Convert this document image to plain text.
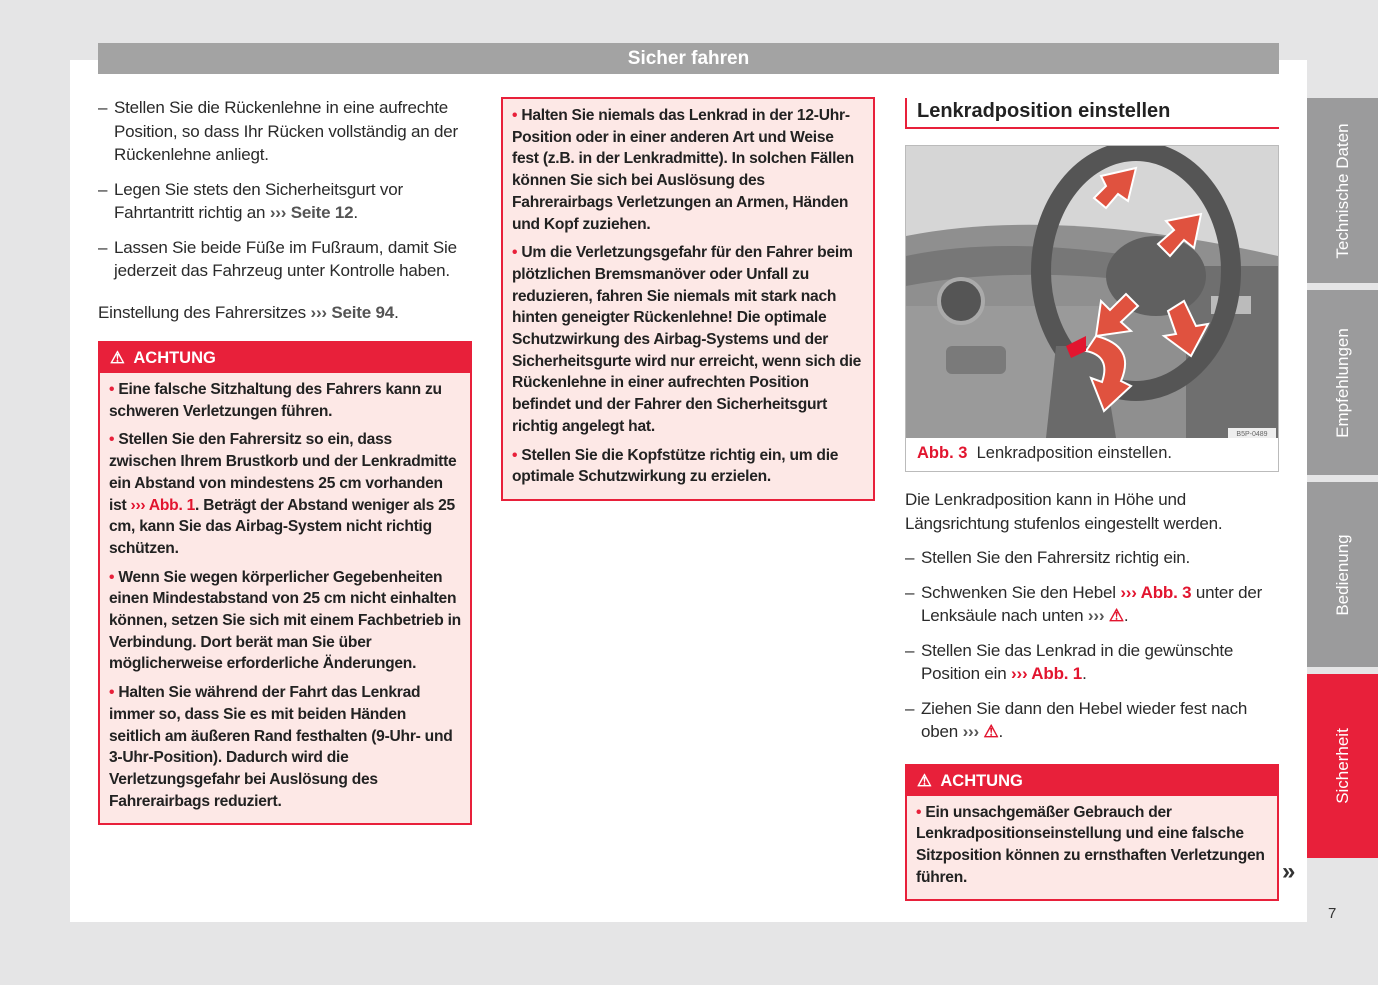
Sicher fahren
– Stellen Sie die Rückenlehne in eine aufrechte Position, so dass Ihr Rücken vollständig an der Rückenlehne anliegt.
– Legen Sie stets den Sicherheitsgurt vor Fahrtantritt richtig an ››› Seite 12.
– Lassen Sie beide Füße im Fußraum, damit Sie jederzeit das Fahrzeug unter Kontrolle haben.
Einstellung des Fahrersitzes ››› Seite 94.
⚠ ACHTUNG

• Eine falsche Sitzhaltung des Fahrers kann zu schweren Verletzungen führen.

• Stellen Sie den Fahrersitz so ein, dass zwischen Ihrem Brustkorb und der Lenkradmitte ein Abstand von mindestens 25 cm vorhanden ist ››› Abb. 1. Beträgt der Abstand weniger als 25 cm, kann Sie das Airbag-System nicht richtig schützen.

• Wenn Sie wegen körperlicher Gegebenheiten einen Mindestabstand von 25 cm nicht einhalten können, setzen Sie sich mit einem Fachbetrieb in Verbindung. Dort berät man Sie über möglicherweise erforderliche Änderungen.

• Halten Sie während der Fahrt das Lenkrad immer so, dass Sie es mit beiden Händen seitlich am äußeren Rand festhalten (9-Uhr- und 3-Uhr-Position). Dadurch wird die Verletzungsgefahr bei Auslösung des Fahrerairbags reduziert.

• Halten Sie niemals das Lenkrad in der 12-Uhr-Position oder in einer anderen Art und Weise fest (z.B. in der Lenkradmitte). In solchen Fällen können Sie sich bei Auslösung des Fahrerairbags Verletzungen an Armen, Händen und Kopf zuziehen.

• Um die Verletzungsgefahr für den Fahrer beim plötzlichen Bremsmanöver oder Unfall zu reduzieren, fahren Sie niemals mit stark nach hinten geneigter Rückenlehne! Die optimale Schutzwirkung des Airbag-Systems und der Sicherheitsgurte wird nur erreicht, wenn sich die Rückenlehne in einer aufrechten Position befindet und der Fahrer den Sicherheitsgurt richtig angelegt hat.

• Stellen Sie die Kopfstütze richtig ein, um die optimale Schutzwirkung zu erzielen.

Lenkradposition einstellen
B5P-0489
Abb. 3 Lenkradposition einstellen.
Die Lenkradposition kann in Höhe und Längsrichtung stufenlos eingestellt werden.
– Stellen Sie den Fahrersitz richtig ein.
– Schwenken Sie den Hebel ››› Abb. 3 unter der Lenksäule nach unten ››› ⚠.
– Stellen Sie das Lenkrad in die gewünschte Position ein ››› Abb. 1.
– Ziehen Sie dann den Hebel wieder fest nach oben ››› ⚠.
⚠ ACHTUNG

• Ein unsachgemäßer Gebrauch der Lenkradpositionseinstellung und eine falsche Sitzposition können zu ernsthaften Verletzungen führen.	»
Technische Daten
Empfehlungen
Bedienung
Sicherheit
7
